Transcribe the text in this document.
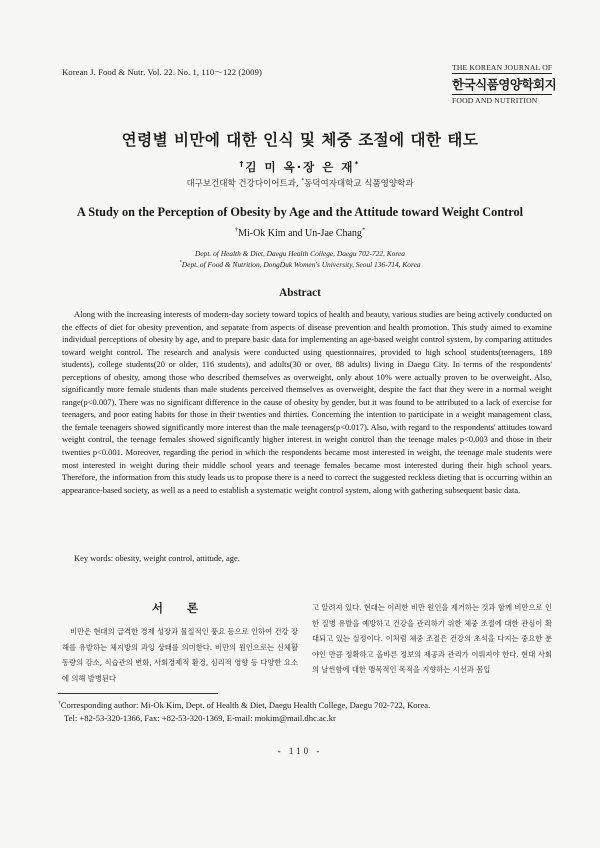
Korean J. Food & Nutr. Vol. 22. No. 1, 110～122 (2009)	THE KOREAN JOURNAL OF
한국식품영양학회지
FOOD AND NUTRITION
연령별 비만에 대한 인식 및 체중 조절에 대한 태도
†김 미 옥·장 은 재*
대구보건대학 건강다이어트과, *동덕여자대학교 식품영양학과
A Study on the Perception of Obesity by Age and the Attitude toward Weight Control
†Mi-Ok Kim and Un-Jae Chang*
Dept. of Health & Diet, Daegu Health College, Daegu 702-722, Korea
*Dept. of Food & Nutrition, DongDuk Women's University, Seoul 136-714, Korea
Abstract

Along with the increasing interests of modern-day society toward topics of health and beauty, various studies are being actively conducted on the effects of diet for obesity prevention, and separate from aspects of disease prevention and health promotion. This study aimed to examine individual perceptions of obesity by age, and to prepare basic data for implementing an age-based weight control system, by comparing attitudes toward weight control. The research and analysis were conducted using questionnaires, provided to high school students(teenagers, 189 students), college students(20 or older, 116 students), and adults(30 or over, 88 adults) living in Daegu City. In terms of the respondents' perceptions of obesity, among those who described themselves as overweight, only about 10% were actually proven to be overweight. Also, significantly more female students than male students perceived themselves as overweight, despite the fact that they were in a normal weight range(p<0.007). There was no significant difference in the cause of obesity by gender, but it was found to be attributed to a lack of exercise for teenagers, and poor eating habits for those in their twenties and thirties. Concerning the intention to participate in a weight management class, the female teenagers showed significantly more interest than the male teenagers(p<0.017). Also, with regard to the respondents' attitudes toward weight control, the teenage females showed significantly higher interest in weight control than the teenage males p<0.003 and those in their twenties p<0.001. Moreover, regarding the period in which the respondents became most interested in weight, the teenage male students were most interested in weight during their middle school years and teenage females became most interested during their high school years. Therefore, the information from this study leads us to propose there is a need to correct the suggested reckless dieting that is occurring within an appearance-based society, as well as a need to establish a systematic weight control system, along with gathering subsequent basic data.

Key words: obesity, weight control, attitude, age.
서 론

비만은 현대의 급격한 경제 성장과 물질적인 풍요 등으로 인하여 건강 장해를 유발하는 체지방의 과잉 상태를 의미한다. 비만의 원인으로는 신체활동량의 감소, 식습관의 변화, 사회경제적 환경, 심리적 영향 등 다양한 요소에 의해 발병된다

고 알려져 있다. 현대는 이러한 비만 원인을 제거하는 것과 함께 비만으로 인한 질병 유발을 예방하고 건강을 관리하기 위한 체중 조절에 대한 관심이 확대되고 있는 실정이다. 이처럼 체중 조절은 건강의 초석을 다지는 중요한 분야인 만큼 정확하고 올바른 정보의 제공과 관리가 이뤄져야 한다. 현대 사회의 날씬함에 대한 맹목적인 목적을 지향하는 시선과 몸입

†Corresponding author: Mi-Ok Kim, Dept. of Health & Diet, Daegu Health College, Daegu 702-722, Korea.
Tel: +82-53-320-1366, Fax: +82-53-320-1369, E-mail: mokim@mail.dhc.ac.kr
- 110 -
